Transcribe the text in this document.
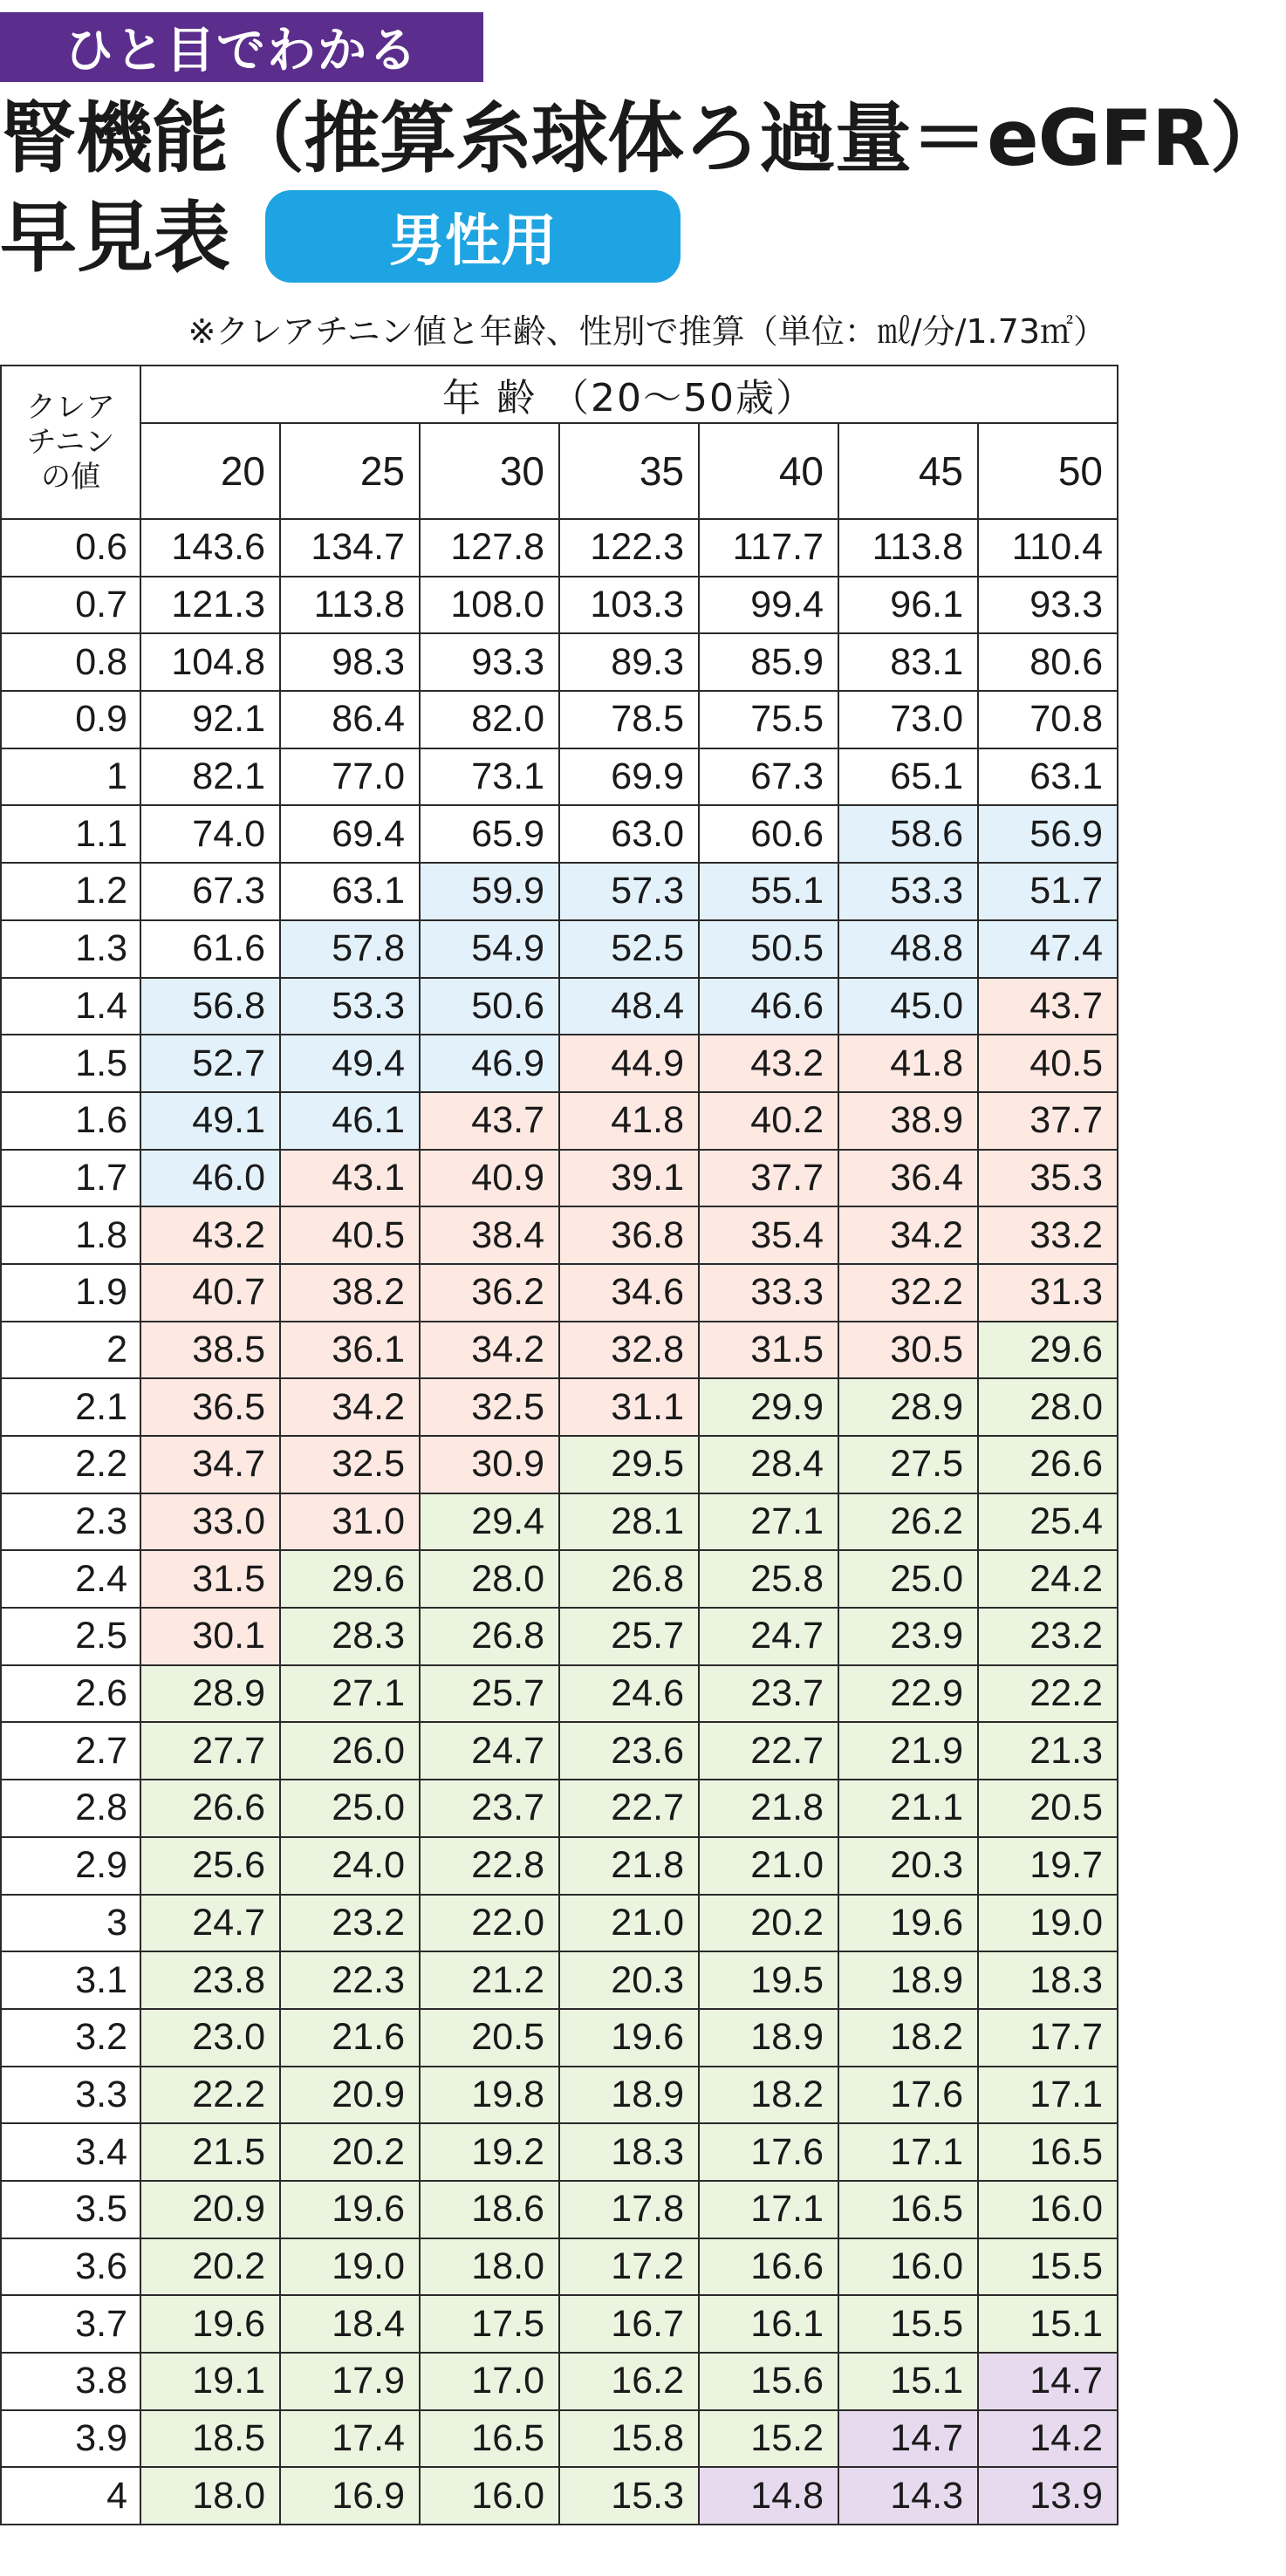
ひと目でわかる
腎機能（推算糸球体ろ過量＝eGFR）
早見表	男性用
※クレアチニン値と年齢、性別で推算（単位：㎖/分/1.73㎡）
クレア
チニン
の値	年 齢 （20〜50歳）						
	20	25	30	35	40	45	50
0.6	143.6	134.7	127.8	122.3	117.7	113.8	110.4
0.7	121.3	113.8	108.0	103.3	99.4	96.1	93.3
0.8	104.8	98.3	93.3	89.3	85.9	83.1	80.6
0.9	92.1	86.4	82.0	78.5	75.5	73.0	70.8
1	82.1	77.0	73.1	69.9	67.3	65.1	63.1
1.1	74.0	69.4	65.9	63.0	60.6	58.6	56.9
1.2	67.3	63.1	59.9	57.3	55.1	53.3	51.7
1.3	61.6	57.8	54.9	52.5	50.5	48.8	47.4
1.4	56.8	53.3	50.6	48.4	46.6	45.0	43.7
1.5	52.7	49.4	46.9	44.9	43.2	41.8	40.5
1.6	49.1	46.1	43.7	41.8	40.2	38.9	37.7
1.7	46.0	43.1	40.9	39.1	37.7	36.4	35.3
1.8	43.2	40.5	38.4	36.8	35.4	34.2	33.2
1.9	40.7	38.2	36.2	34.6	33.3	32.2	31.3
2	38.5	36.1	34.2	32.8	31.5	30.5	29.6
2.1	36.5	34.2	32.5	31.1	29.9	28.9	28.0
2.2	34.7	32.5	30.9	29.5	28.4	27.5	26.6
2.3	33.0	31.0	29.4	28.1	27.1	26.2	25.4
2.4	31.5	29.6	28.0	26.8	25.8	25.0	24.2
2.5	30.1	28.3	26.8	25.7	24.7	23.9	23.2
2.6	28.9	27.1	25.7	24.6	23.7	22.9	22.2
2.7	27.7	26.0	24.7	23.6	22.7	21.9	21.3
2.8	26.6	25.0	23.7	22.7	21.8	21.1	20.5
2.9	25.6	24.0	22.8	21.8	21.0	20.3	19.7
3	24.7	23.2	22.0	21.0	20.2	19.6	19.0
3.1	23.8	22.3	21.2	20.3	19.5	18.9	18.3
3.2	23.0	21.6	20.5	19.6	18.9	18.2	17.7
3.3	22.2	20.9	19.8	18.9	18.2	17.6	17.1
3.4	21.5	20.2	19.2	18.3	17.6	17.1	16.5
3.5	20.9	19.6	18.6	17.8	17.1	16.5	16.0
3.6	20.2	19.0	18.0	17.2	16.6	16.0	15.5
3.7	19.6	18.4	17.5	16.7	16.1	15.5	15.1
3.8	19.1	17.9	17.0	16.2	15.6	15.1	14.7
3.9	18.5	17.4	16.5	15.8	15.2	14.7	14.2
4	18.0	16.9	16.0	15.3	14.8	14.3	13.9
